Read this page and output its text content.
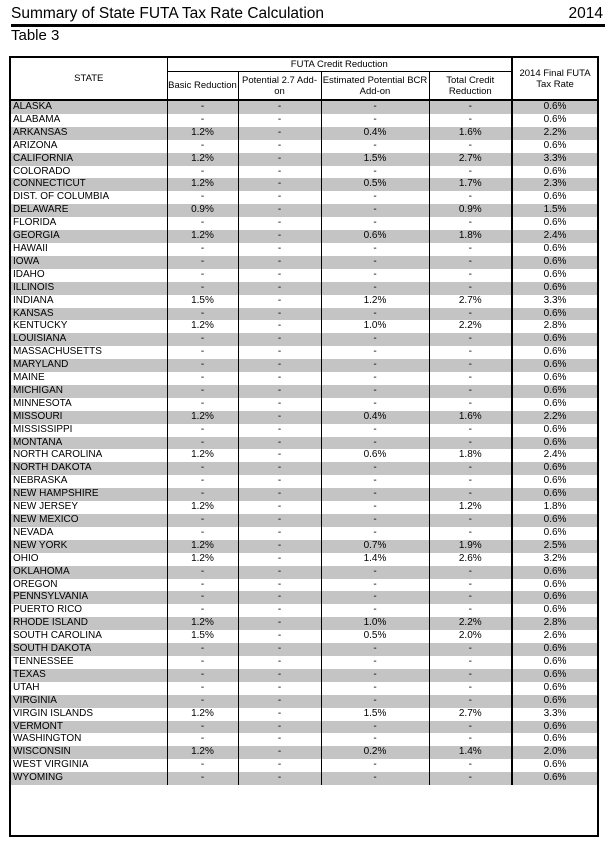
Summary of State FUTA Tax Rate Calculation	2014
Table 3
STATE	FUTA Credit Reduction				2014 Final FUTA Tax Rate
	Basic Reduction	Potential 2.7 Add-on	Estimated Potential BCR Add-on	Total Credit Reduction	
ALASKA	-	-	-	-	0.6%
ALABAMA	-	-	-	-	0.6%
ARKANSAS	1.2%	-	0.4%	1.6%	2.2%
ARIZONA	-	-	-	-	0.6%
CALIFORNIA	1.2%	-	1.5%	2.7%	3.3%
COLORADO	-	-	-	-	0.6%
CONNECTICUT	1.2%	-	0.5%	1.7%	2.3%
DIST. OF COLUMBIA	-	-	-	-	0.6%
DELAWARE	0.9%	-	-	0.9%	1.5%
FLORIDA	-	-	-	-	0.6%
GEORGIA	1.2%	-	0.6%	1.8%	2.4%
HAWAII	-	-	-	-	0.6%
IOWA	-	-	-	-	0.6%
IDAHO	-	-	-	-	0.6%
ILLINOIS	-	-	-	-	0.6%
INDIANA	1.5%	-	1.2%	2.7%	3.3%
KANSAS	-	-	-	-	0.6%
KENTUCKY	1.2%	-	1.0%	2.2%	2.8%
LOUISIANA	-	-	-	-	0.6%
MASSACHUSETTS	-	-	-	-	0.6%
MARYLAND	-	-	-	-	0.6%
MAINE	-	-	-	-	0.6%
MICHIGAN	-	-	-	-	0.6%
MINNESOTA	-	-	-	-	0.6%
MISSOURI	1.2%	-	0.4%	1.6%	2.2%
MISSISSIPPI	-	-	-	-	0.6%
MONTANA	-	-	-	-	0.6%
NORTH CAROLINA	1.2%	-	0.6%	1.8%	2.4%
NORTH DAKOTA	-	-	-	-	0.6%
NEBRASKA	-	-	-	-	0.6%
NEW HAMPSHIRE	-	-	-	-	0.6%
NEW JERSEY	1.2%	-	-	1.2%	1.8%
NEW MEXICO	-	-	-	-	0.6%
NEVADA	-	-	-	-	0.6%
NEW YORK	1.2%	-	0.7%	1.9%	2.5%
OHIO	1.2%	-	1.4%	2.6%	3.2%
OKLAHOMA	-	-	-	-	0.6%
OREGON	-	-	-	-	0.6%
PENNSYLVANIA	-	-	-	-	0.6%
PUERTO RICO	-	-	-	-	0.6%
RHODE ISLAND	1.2%	-	1.0%	2.2%	2.8%
SOUTH CAROLINA	1.5%	-	0.5%	2.0%	2.6%
SOUTH DAKOTA	-	-	-	-	0.6%
TENNESSEE	-	-	-	-	0.6%
TEXAS	-	-	-	-	0.6%
UTAH	-	-	-	-	0.6%
VIRGINIA	-	-	-	-	0.6%
VIRGIN ISLANDS	1.2%	-	1.5%	2.7%	3.3%
VERMONT	-	-	-	-	0.6%
WASHINGTON	-	-	-	-	0.6%
WISCONSIN	1.2%	-	0.2%	1.4%	2.0%
WEST VIRGINIA	-	-	-	-	0.6%
WYOMING	-	-	-	-	0.6%
